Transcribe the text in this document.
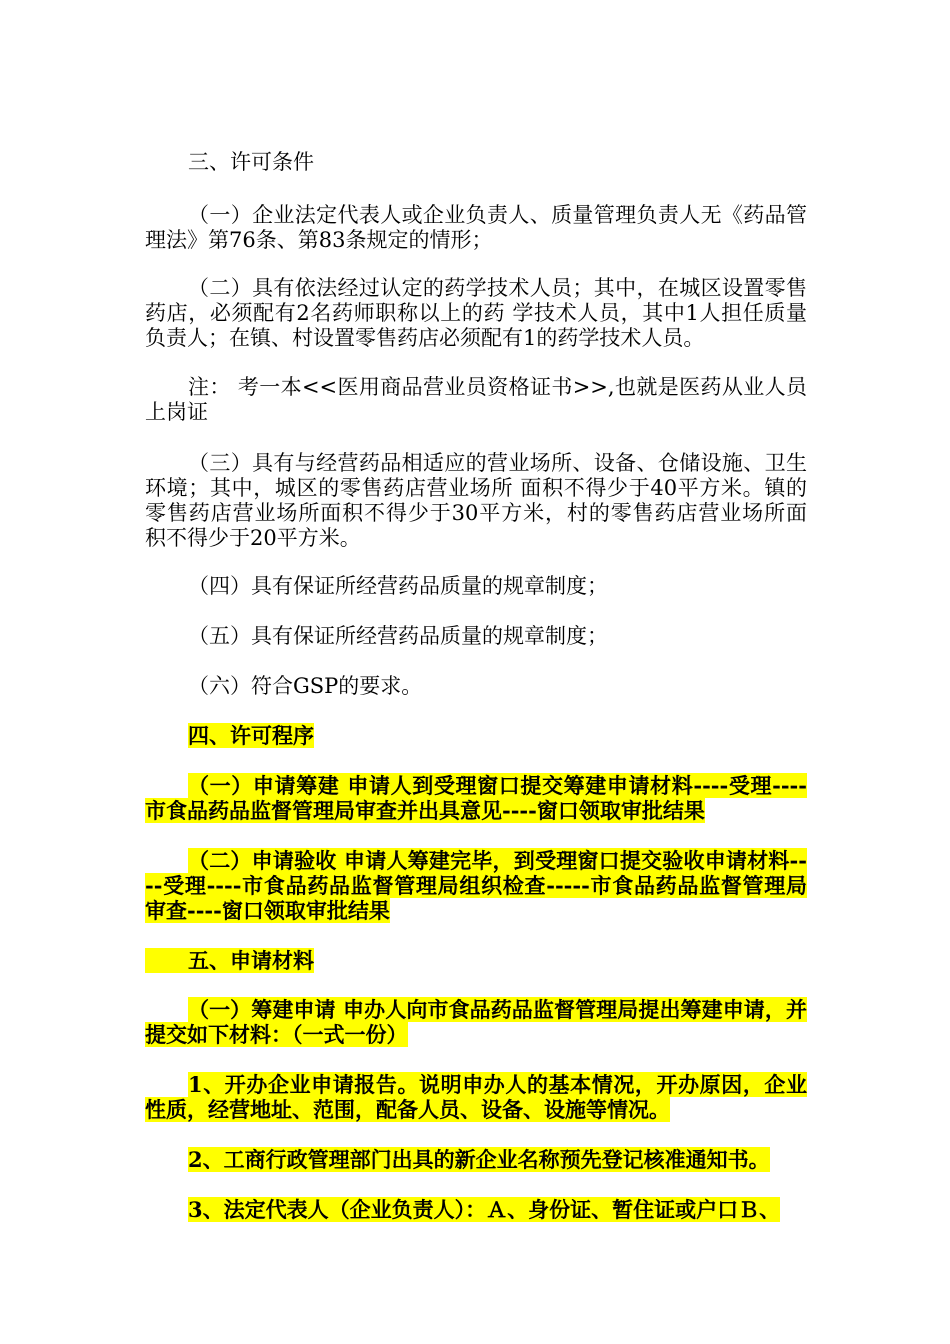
三、许可条件
（一）企业法定代表人或企业负责人、质量管理负责人无《药品管理法》第76条、第83条规定的情形；
（二）具有依法经过认定的药学技术人员；其中，在城区设置零售药店，必须配有2名药师职称以上的药 学技术人员，其中1人担任质量负责人；在镇、村设置零售药店必须配有1的药学技术人员。
注： 考一本<<医用商品营业员资格证书>>,也就是医药从业人员上岗证
（三）具有与经营药品相适应的营业场所、设备、仓储设施、卫生环境；其中，城区的零售药店营业场所 面积不得少于40平方米。镇的零售药店营业场所面积不得少于30平方米，村的零售药店营业场所面 积不得少于20平方米。
（四）具有保证所经营药品质量的规章制度；
（五）具有保证所经营药品质量的规章制度；
（六）符合GSP的要求。
四、许可程序
（一）申请筹建 申请人到受理窗口提交筹建申请材料----受理----市食品药品监督管理局审查并出具意见----窗口领取审批结果
（二）申请验收 申请人筹建完毕，到受理窗口提交验收申请材料----受理----市食品药品监督管理局组织检查-----市食品药品监督管理局审查----窗口领取审批结果
五、申请材料
（一）筹建申请 申办人向市食品药品监督管理局提出筹建申请，并提交如下材料：（一式一份）
1、开办企业申请报告。说明申办人的基本情况，开办原因，企业性质，经营地址、范围，配备人员、设备、设施等情况。
2、工商行政管理部门出具的新企业名称预先登记核准通知书。
3、法定代表人（企业负责人）：Ａ、身份证、暂住证或户口Ｂ、
